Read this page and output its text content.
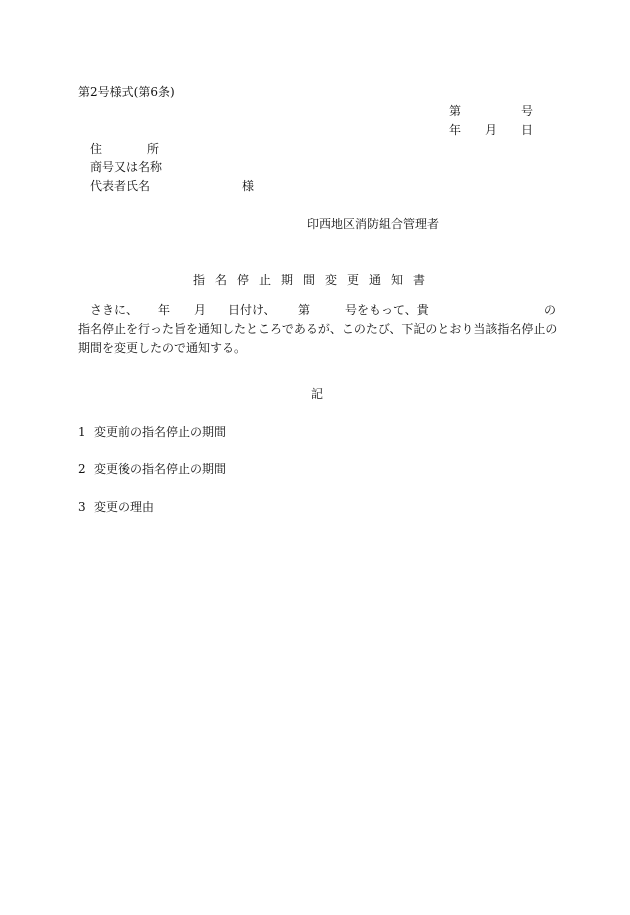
第2号様式(第6条)
第	号
年 月 日
住	所
商号又は名称
代表者氏名	様
印西地区消防組合管理者
指名停止期間変更通知書
さきに、 年 月 日付け、 第	号をもって、貴	の
指名停止を行った旨を通知したところであるが、このたび、下記のとおり当該指名停止の
期間を変更したので通知する。
記
1 変更前の指名停止の期間
2 変更後の指名停止の期間
3 変更の理由
